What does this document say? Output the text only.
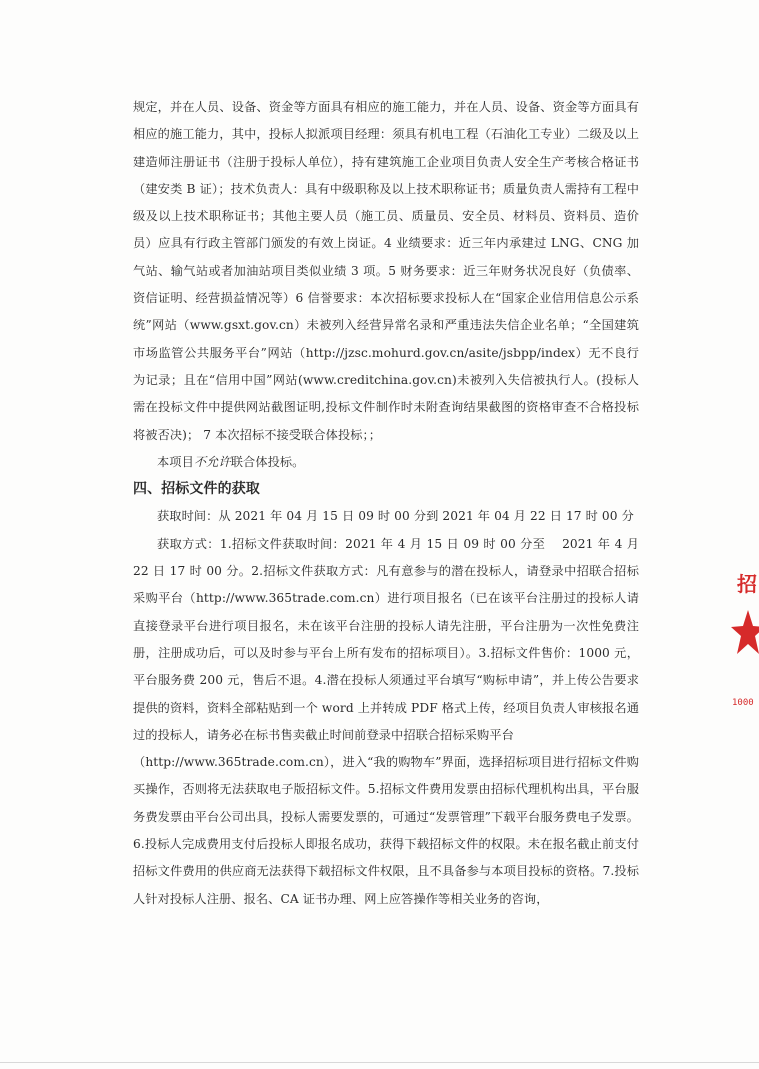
规定，并在人员、设备、资金等方面具有相应的施工能力，并在人员、设备、资金等方面具有相应的施工能力，其中，投标人拟派项目经理：须具有机电工程（石油化工专业）二级及以上建造师注册证书（注册于投标人单位），持有建筑施工企业项目负责人安全生产考核合格证书（建安类 B 证）；技术负责人：具有中级职称及以上技术职称证书；质量负责人需持有工程中级及以上技术职称证书；其他主要人员（施工员、质量员、安全员、材料员、资料员、造价员）应具有行政主管部门颁发的有效上岗证。4 业绩要求：近三年内承建过 LNG、CNG 加气站、输气站或者加油站项目类似业绩 3 项。5 财务要求：近三年财务状况良好（负债率、资信证明、经营损益情况等）6 信誉要求：本次招标要求投标人在“国家企业信用信息公示系统”网站（www.gsxt.gov.cn）未被列入经营异常名录和严重违法失信企业名单；“全国建筑市场监管公共服务平台”网站（http://jzsc.mohurd.gov.cn/asite/jsbpp/index）无不良行为记录；且在“信用中国”网站(www.creditchina.gov.cn)未被列入失信被执行人。(投标人需在投标文件中提供网站截图证明,投标文件制作时未附查询结果截图的资格审查不合格投标将被否决)； 7 本次招标不接受联合体投标；；

本项目不允许联合体投标。

四、招标文件的获取

获取时间：从 2021 年 04 月 15 日 09 时 00 分到 2021 年 04 月 22 日 17 时 00 分

获取方式：1.招标文件获取时间：2021 年 4 月 15 日 09 时 00 分至　 2021 年 4 月 22 日 17 时 00 分。2.招标文件获取方式：凡有意参与的潜在投标人，请登录中招联合招标采购平台（http://www.365trade.com.cn）进行项目报名（已在该平台注册过的投标人请直接登录平台进行项目报名，未在该平台注册的投标人请先注册，平台注册为一次性免费注册，注册成功后，可以及时参与平台上所有发布的招标项目）。3.招标文件售价：1000 元，平台服务费 200 元，售后不退。4.潜在投标人须通过平台填写“购标申请”，并上传公告要求提供的资料，资料全部粘贴到一个 word 上并转成 PDF 格式上传，经项目负责人审核报名通过的投标人，请务必在标书售卖截止时间前登录中招联合招标采购平台

（http://www.365trade.com.cn），进入“我的购物车”界面，选择招标项目进行招标文件购买操作，否则将无法获取电子版招标文件。5.招标文件费用发票由招标代理机构出具，平台服务费发票由平台公司出具，投标人需要发票的，可通过“发票管理”下载平台服务费电子发票。6.投标人完成费用支付后投标人即报名成功，获得下载招标文件的权限。未在报名截止前支付招标文件费用的供应商无法获得下载招标文件权限，且不具备参与本项目投标的资格。7.投标人针对投标人注册、报名、CA 证书办理、网上应答操作等相关业务的咨询，

招
1000
